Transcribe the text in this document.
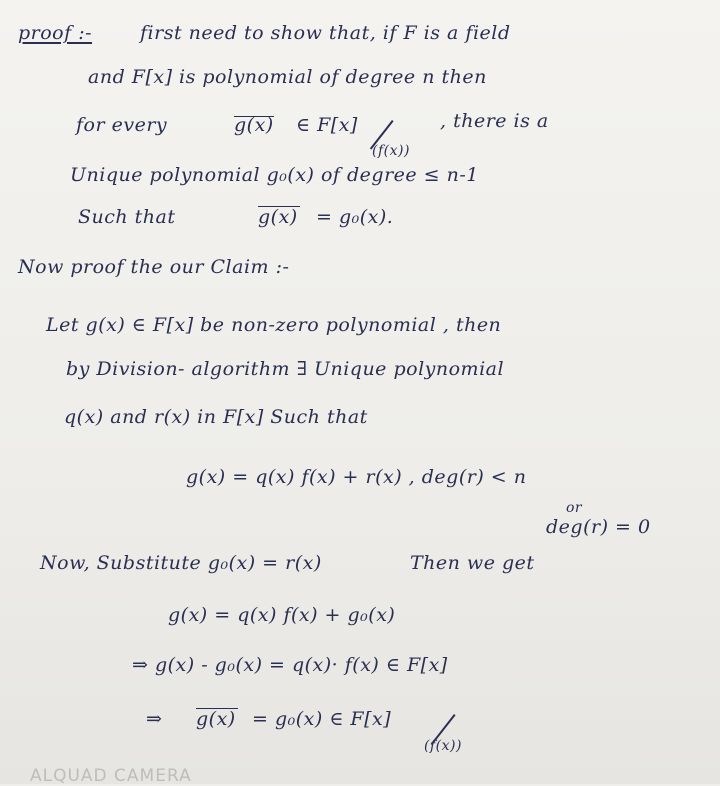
proof :-	first need to show that, if F is a field
and F[x] is polynomial of degree n then
for every	g(x) ∈ F[x]	, there is a
(f(x))
Unique polynomial g₀(x) of degree ≤ n-1
Such that	g(x) = g₀(x).
Now proof the our Claim :-
Let g(x) ∈ F[x] be non-zero polynomial , then
by Division- algorithm ∃ Unique polynomial
q(x) and r(x) in F[x] Such that
g(x) = q(x) f(x) + r(x) , deg(r) < n
or
deg(r) = 0
Now, Substitute g₀(x) = r(x)	Then we get
g(x) = q(x) f(x) + g₀(x)
⇒ g(x) - g₀(x) = q(x)· f(x) ∈ F[x]
⇒ g(x) = g₀(x) ∈ F[x]
(f(x))
ALQUAD CAMERA
